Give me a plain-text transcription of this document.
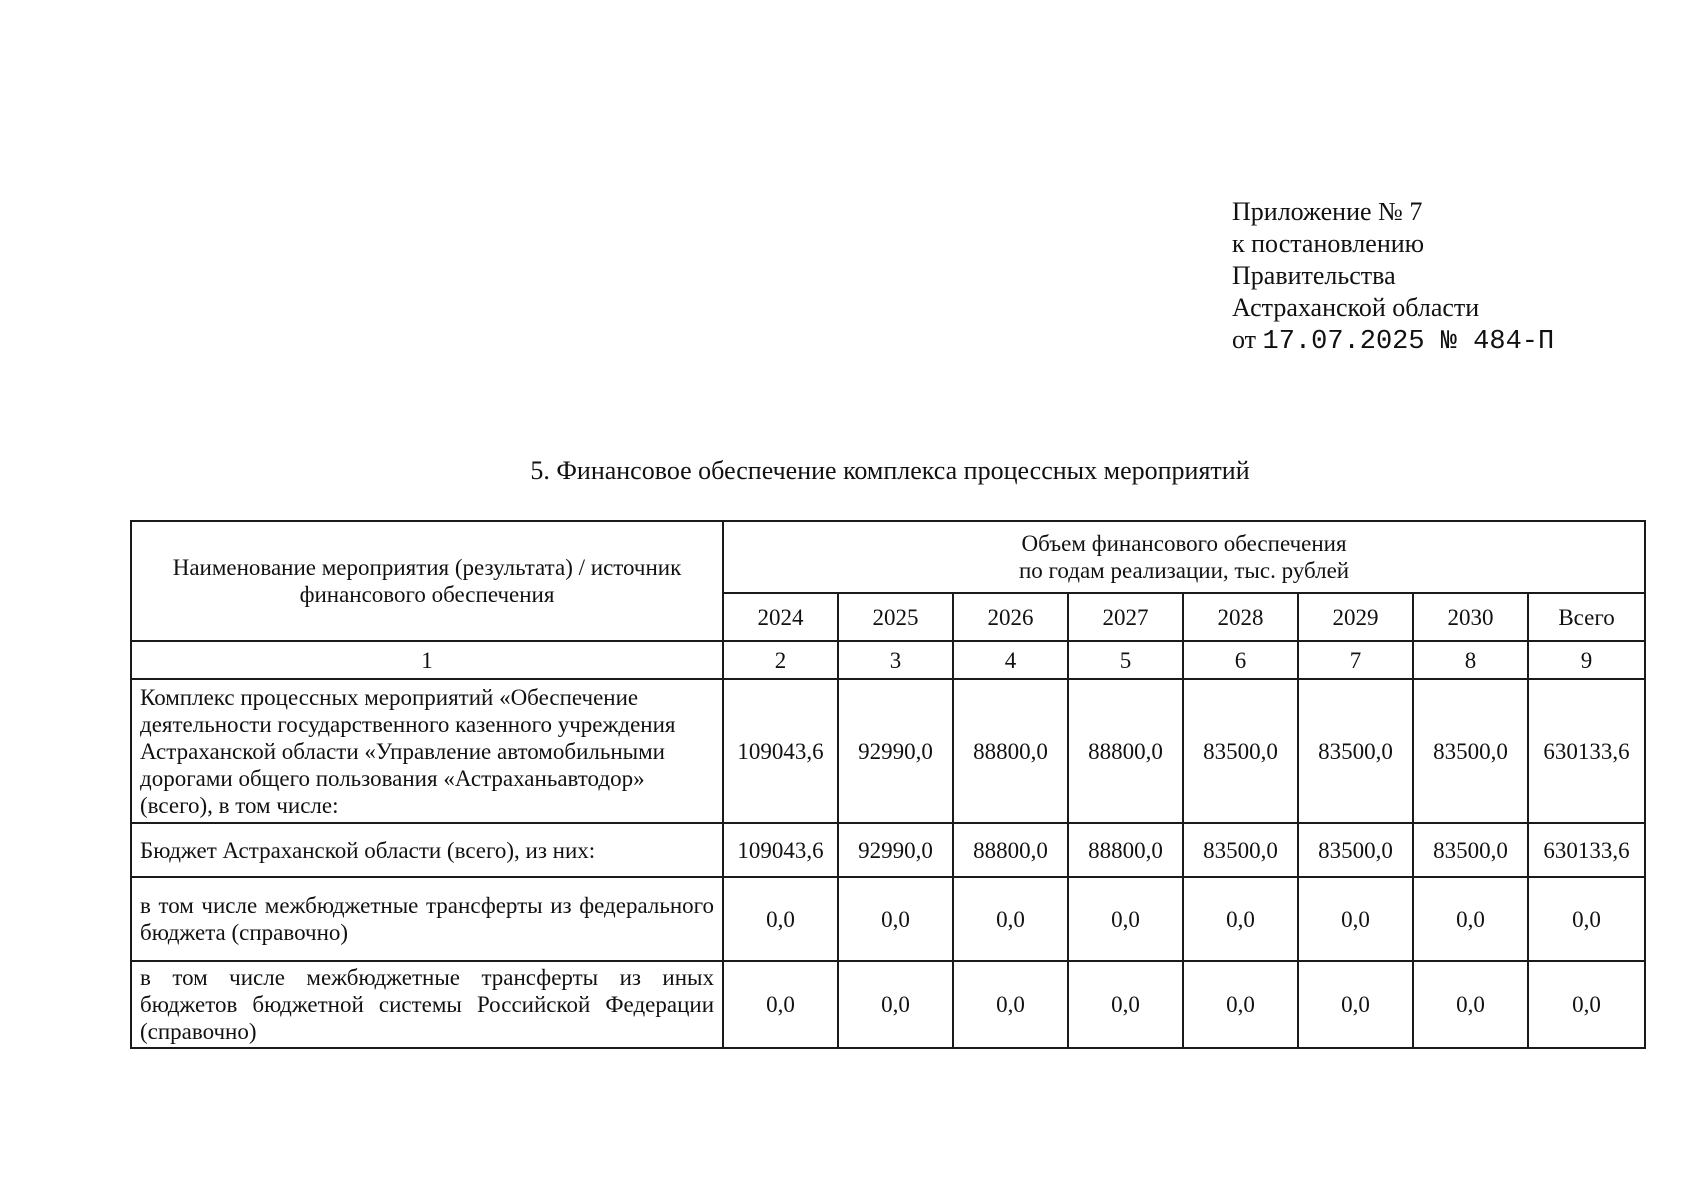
Приложение № 7
к постановлению
Правительства
Астраханской области
от 17.07.2025 № 484-П
5. Финансовое обеспечение комплекса процессных мероприятий
Наименование мероприятия (результата) / источник финансового обеспечения	Объем финансового обеспечения
по годам реализации, тыс. рублей							

	2024	2025	2026	2027	2028	2029	2030	Всего
1	2	3	4	5	6	7	8	9
Комплекс процессных мероприятий «Обеспечение деятельности государственного казенного учреждения Астраханской области «Управление автомобильными дорогами общего пользования «Астраханьавтодор» (всего), в том числе:	109043,6	92990,0	88800,0	88800,0	83500,0	83500,0	83500,0	630133,6
Бюджет Астраханской области (всего), из них:	109043,6	92990,0	88800,0	88800,0	83500,0	83500,0	83500,0	630133,6
в том числе межбюджетные трансферты из федерального бюджета (справочно)	0,0	0,0	0,0	0,0	0,0	0,0	0,0	0,0
в том числе межбюджетные трансферты из иных бюджетов бюджетной системы Российской Федерации (справочно)	0,0	0,0	0,0	0,0	0,0	0,0	0,0	0,0
